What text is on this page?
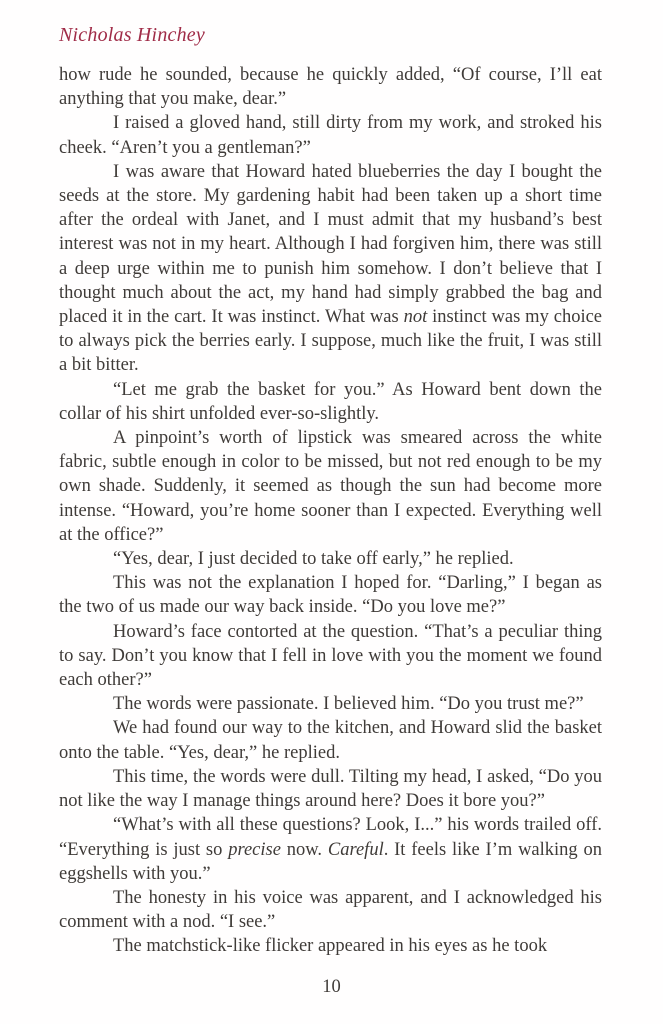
Nicholas Hinchey

how rude he sounded, because he quickly added, “Of course, I’ll eat anything that you make, dear.”

I raised a gloved hand, still dirty from my work, and stroked his cheek. “Aren’t you a gentleman?”

I was aware that Howard hated blueberries the day I bought the seeds at the store. My gardening habit had been taken up a short time after the ordeal with Janet, and I must admit that my husband’s best interest was not in my heart. Although I had forgiven him, there was still a deep urge within me to punish him somehow. I don’t believe that I thought much about the act, my hand had simply grabbed the bag and placed it in the cart. It was instinct. What was not instinct was my choice to always pick the berries early. I suppose, much like the fruit, I was still a bit bitter.

“Let me grab the basket for you.” As Howard bent down the collar of his shirt unfolded ever-so-slightly.

A pinpoint’s worth of lipstick was smeared across the white fabric, subtle enough in color to be missed, but not red enough to be my own shade. Suddenly, it seemed as though the sun had become more intense. “Howard, you’re home sooner than I expected. Everything well at the office?”

“Yes, dear, I just decided to take off early,” he replied.

This was not the explanation I hoped for. “Darling,” I began as the two of us made our way back inside. “Do you love me?”

Howard’s face contorted at the question. “That’s a peculiar thing to say. Don’t you know that I fell in love with you the moment we found each other?”

The words were passionate. I believed him. “Do you trust me?”

We had found our way to the kitchen, and Howard slid the basket onto the table. “Yes, dear,” he replied.

This time, the words were dull. Tilting my head, I asked, “Do you not like the way I manage things around here? Does it bore you?”

“What’s with all these questions? Look, I...” his words trailed off. “Everything is just so precise now. Careful. It feels like I’m walking on eggshells with you.”

The honesty in his voice was apparent, and I acknowledged his comment with a nod. “I see.”

The matchstick-like flicker appeared in his eyes as he took

10
